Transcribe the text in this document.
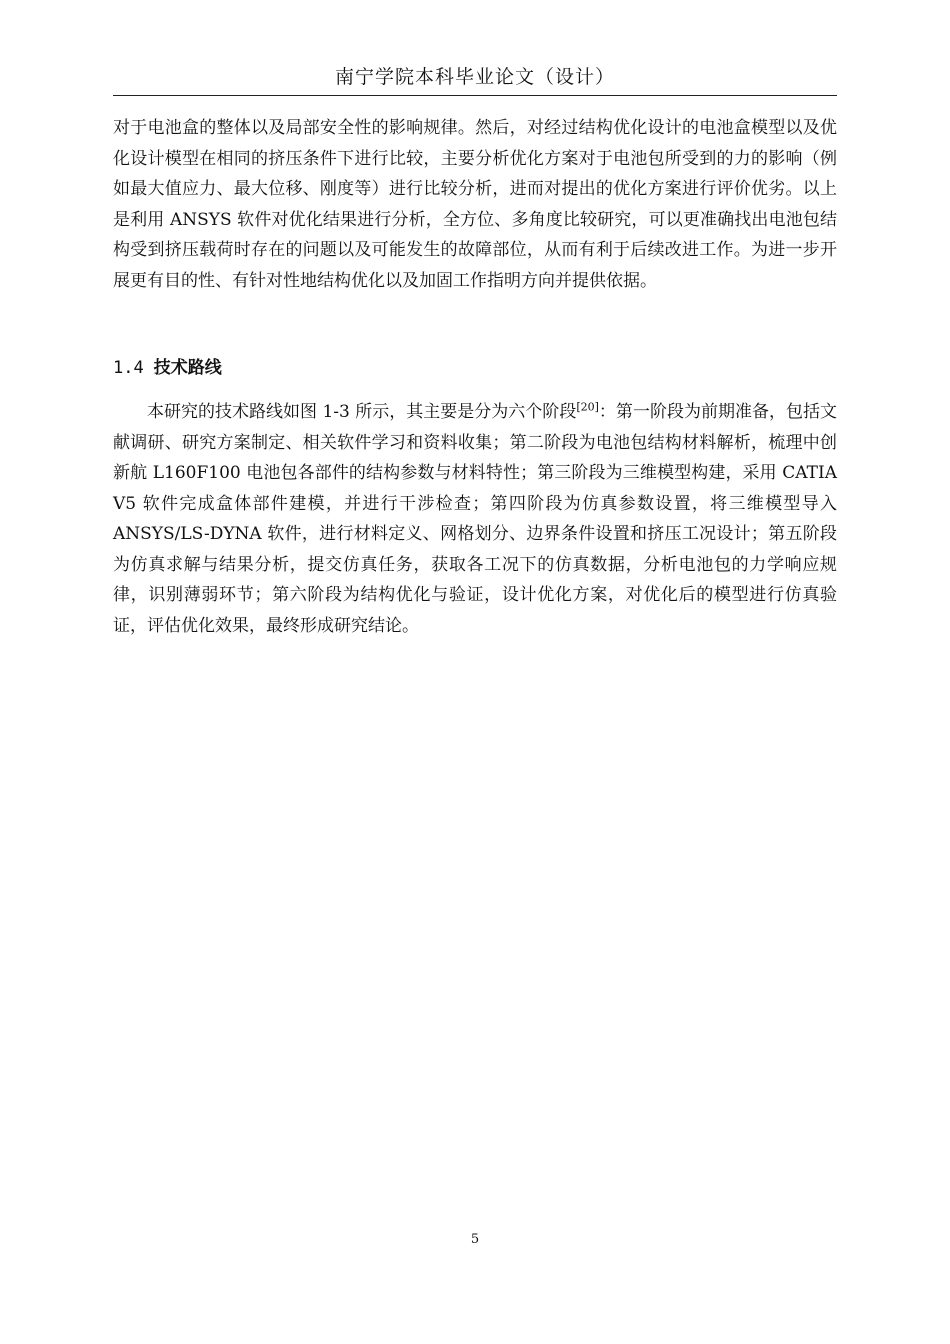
南宁学院本科毕业论文（设计）

对于电池盒的整体以及局部安全性的影响规律。然后，对经过结构优化设计的电池盒模型以及优化设计模型在相同的挤压条件下进行比较，主要分析优化方案对于电池包所受到的力的影响（例如最大值应力、最大位移、刚度等）进行比较分析，进而对提出的优化方案进行评价优劣。以上是利用 ANSYS 软件对优化结果进行分析，全方位、多角度比较研究，可以更准确找出电池包结构受到挤压载荷时存在的问题以及可能发生的故障部位，从而有利于后续改进工作。为进一步开展更有目的性、有针对性地结构优化以及加固工作指明方向并提供依据。

1.4 技术路线

本研究的技术路线如图 1-3 所示，其主要是分为六个阶段[20]：第一阶段为前期准备，包括文献调研、研究方案制定、相关软件学习和资料收集；第二阶段为电池包结构材料解析，梳理中创新航 L160F100 电池包各部件的结构参数与材料特性；第三阶段为三维模型构建，采用 CATIA V5 软件完成盒体部件建模，并进行干涉检查；第四阶段为仿真参数设置，将三维模型导入 ANSYS/LS-DYNA 软件，进行材料定义、网格划分、边界条件设置和挤压工况设计；第五阶段为仿真求解与结果分析，提交仿真任务，获取各工况下的仿真数据，分析电池包的力学响应规律，识别薄弱环节；第六阶段为结构优化与验证，设计优化方案，对优化后的模型进行仿真验证，评估优化效果，最终形成研究结论。

5
